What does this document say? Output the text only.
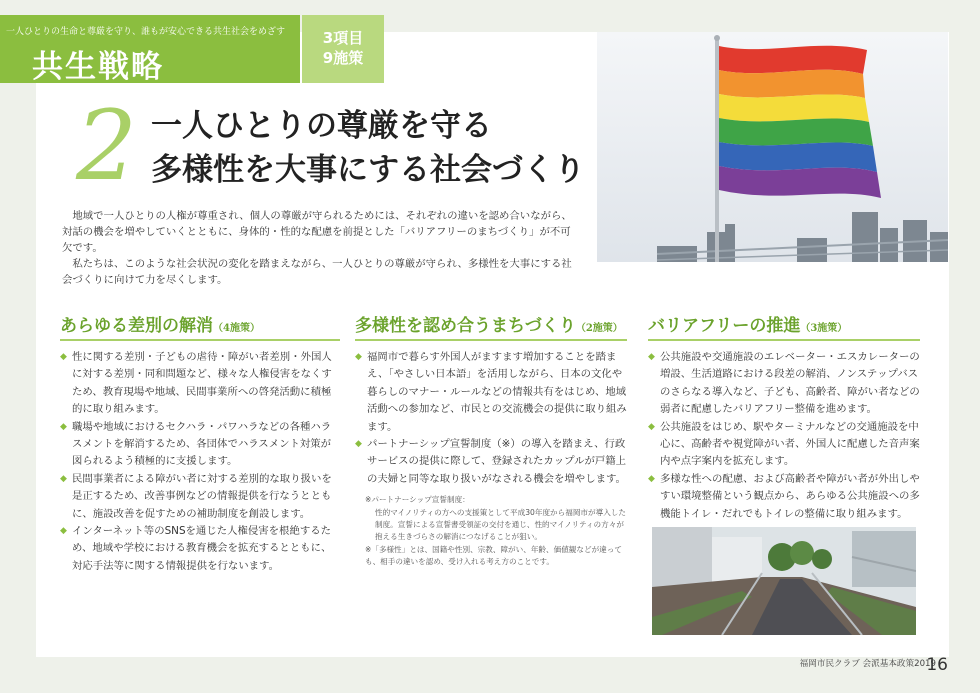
一人ひとりの生命と尊厳を守り、誰もが安心できる共生社会をめざす
共生戦略
3項目
9施策
2 一人ひとりの尊厳を守る
多様性を大事にする社会づくり

地域で一人ひとりの人権が尊重され、個人の尊厳が守られるためには、それぞれの違いを認め合いながら、対話の機会を増やしていくとともに、身体的・性的な配慮を前提とした「バリアフリーのまちづくり」が不可欠です。

私たちは、このような社会状況の変化を踏まえながら、一人ひとりの尊厳が守られ、多様性を大事にする社会づくりに向けて力を尽くします。

あらゆる差別の解消（4施策）

◆ 性に関する差別・子どもの虐待・障がい者差別・外国人に対する差別・同和問題など、様々な人権侵害をなくすため、教育現場や地域、民間事業所への啓発活動に積極的に取り組みます。

◆ 職場や地域におけるセクハラ・パワハラなどの各種ハラスメントを解消するため、各団体でハラスメント対策が図られるよう積極的に支援します。

◆ 民間事業者による障がい者に対する差別的な取り扱いを是正するため、改善事例などの情報提供を行なうとともに、施設改善を促すための補助制度を創設します。

◆ インターネット等のSNSを通じた人権侵害を根絶するため、地域や学校における教育機会を拡充するとともに、対応手法等に関する情報提供を行ないます。

多様性を認め合うまちづくり（2施策）

◆ 福岡市で暮らす外国人がますます増加することを踏まえ、「やさしい日本語」を活用しながら、日本の文化や暮らしのマナー・ルールなどの情報共有をはじめ、地域活動への参加など、市民との交流機会の提供に取り組みます。

◆ パートナーシップ宣誓制度（※）の導入を踏まえ、行政サービスの提供に際して、登録されたカップルが戸籍上の夫婦と同等な取り扱いがなされる機会を増やします。

※パートナーシップ宣誓制度：
性的マイノリティの方への支援策として平成30年度から福岡市が導入した制度。宣誓による宣誓書受領証の交付を通じ、性的マイノリティの方々が抱える生きづらさの解消につなげることが狙い。
※「多様性」とは、国籍や性別、宗教、障がい、年齢、価値観などが違っても、相手の違いを認め、受け入れる考え方のことです。
バリアフリーの推進（3施策）

◆ 公共施設や交通施設のエレベーター・エスカレーターの増設、生活道路における段差の解消、ノンステップバスのさらなる導入など、子ども、高齢者、障がい者などの弱者に配慮したバリアフリー整備を進めます。

◆ 公共施設をはじめ、駅やターミナルなどの交通施設を中心に、高齢者や視覚障がい者、外国人に配慮した音声案内や点字案内を拡充します。

◆ 多様な性への配慮、および高齢者や障がい者が外出しやすい環境整備という観点から、あらゆる公共施設への多機能トイレ・だれでもトイレの整備に取り組みます。

福岡市民クラブ 会派基本政策2019
16
